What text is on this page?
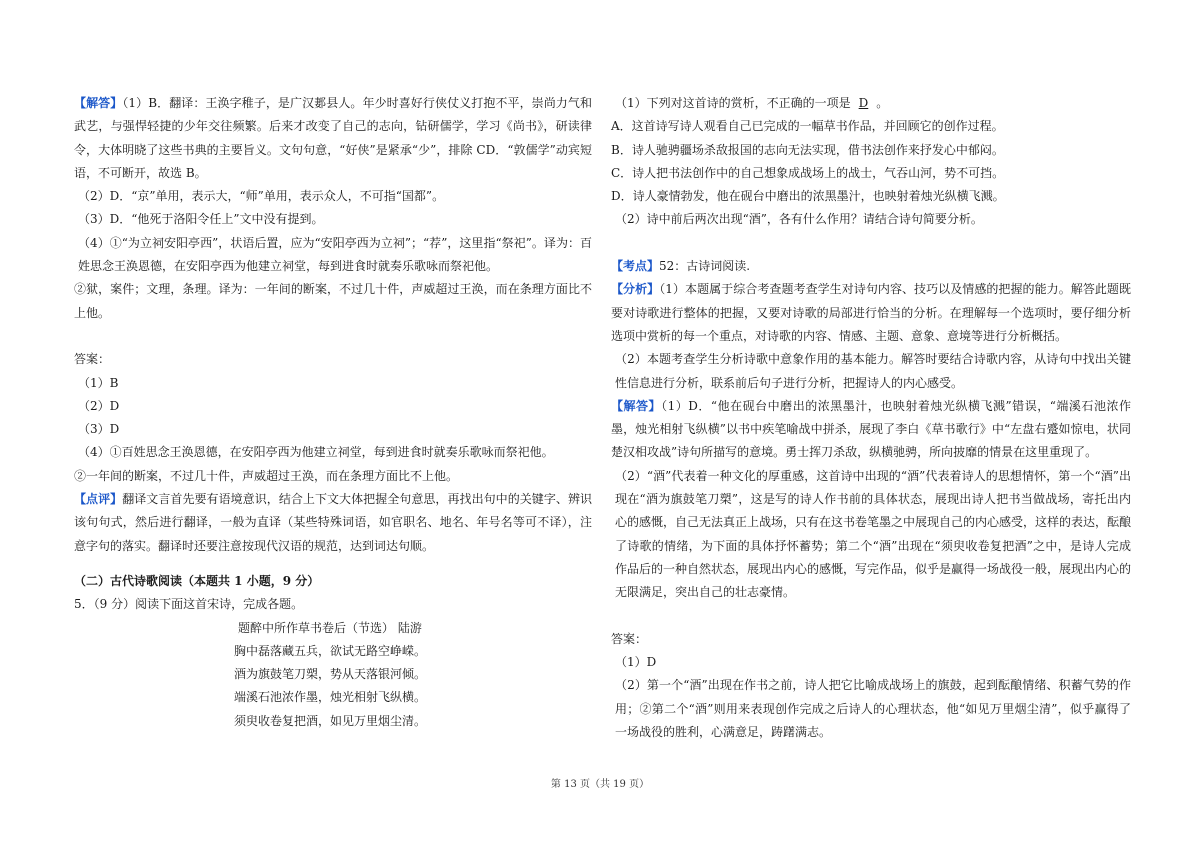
【解答】（1）B．翻译：王涣字稚子，是广汉郪县人。年少时喜好行侠仗义打抱不平，崇尚力气和武艺，与强悍轻捷的少年交往频繁。后来才改变了自己的志向，钻研儒学，学习《尚书》，研读律令，大体明晓了这些书典的主要旨义。文句句意，“好侠”是紧承“少”，排除 CD．“敦儒学”动宾短语，不可断开，故选 B。

（2）D．“京”单用，表示大，“师”单用，表示众人，不可指“国都”。

（3）D．“他死于洛阳令任上”文中没有提到。

（4）①“为立祠安阳亭西”，状语后置，应为“安阳亭西为立祠”；“荐”，这里指“祭祀”。译为：百姓思念王涣恩德，在安阳亭西为他建立祠堂，每到进食时就奏乐歌咏而祭祀他。

②狱，案件；文理，条理。译为：一年间的断案，不过几十件，声威超过王涣，而在条理方面比不上他。

答案：

（1）B

（2）D

（3）D

（4）①百姓思念王涣恩德，在安阳亭西为他建立祠堂，每到进食时就奏乐歌咏而祭祀他。

②一年间的断案，不过几十件，声威超过王涣，而在条理方面比不上他。

【点评】翻译文言首先要有语境意识，结合上下文大体把握全句意思，再找出句中的关键字、辨识该句句式，然后进行翻译，一般为直译（某些特殊词语，如官职名、地名、年号名等可不译），注意字句的落实。翻译时还要注意按现代汉语的规范，达到词达句顺。

（二）古代诗歌阅读（本题共 1 小题，9 分）

5．（9 分）阅读下面这首宋诗，完成各题。

题醉中所作草书卷后（节选） 陆游

胸中磊落藏五兵，欲试无路空峥嵘。

酒为旗鼓笔刀槊，势从天落银河倾。

端溪石池浓作墨，烛光相射飞纵横。

须臾收卷复把酒，如见万里烟尘清。

（1）下列对这首诗的赏析，不正确的一项是 D 。

A．这首诗写诗人观看自己已完成的一幅草书作品，并回顾它的创作过程。

B．诗人驰骋疆场杀敌报国的志向无法实现，借书法创作来抒发心中郁闷。

C．诗人把书法创作中的自己想象成战场上的战士，气吞山河，势不可挡。

D．诗人豪情勃发，他在砚台中磨出的浓黑墨汁，也映射着烛光纵横飞溅。

（2）诗中前后两次出现“酒”，各有什么作用？请结合诗句简要分析。

【考点】52：古诗词阅读.

【分析】（1）本题属于综合考查题考查学生对诗句内容、技巧以及情感的把握的能力。解答此题既要对诗歌进行整体的把握，又要对诗歌的局部进行恰当的分析。在理解每一个选项时，要仔细分析选项中赏析的每一个重点，对诗歌的内容、情感、主题、意象、意境等进行分析概括。

（2）本题考查学生分析诗歌中意象作用的基本能力。解答时要结合诗歌内容，从诗句中找出关键性信息进行分析，联系前后句子进行分析，把握诗人的内心感受。

【解答】（1）D．“他在砚台中磨出的浓黑墨汁，也映射着烛光纵横飞溅”错误，“端溪石池浓作墨，烛光相射飞纵横”以书中疾笔喻战中拼杀，展现了李白《草书歌行》中“左盘右蹙如惊电，状同楚汉相攻战”诗句所描写的意境。勇士挥刀杀敌，纵横驰骋，所向披靡的情景在这里重现了。

（2）“酒”代表着一种文化的厚重感，这首诗中出现的“酒”代表着诗人的思想情怀，第一个“酒”出现在“酒为旗鼓笔刀槊”，这是写的诗人作书前的具体状态，展现出诗人把书当做战场，寄托出内心的感慨，自己无法真正上战场，只有在这书卷笔墨之中展现自己的内心感受，这样的表达，酝酿了诗歌的情绪，为下面的具体抒怀蓄势；第二个“酒”出现在“须臾收卷复把酒”之中，是诗人完成作品后的一种自然状态，展现出内心的感慨，写完作品，似乎是赢得一场战役一般，展现出内心的无限满足，突出自己的壮志豪情。

答案：

（1）D

（2）第一个“酒”出现在作书之前，诗人把它比喻成战场上的旗鼓，起到酝酿情绪、积蓄气势的作用；②第二个“酒”则用来表现创作完成之后诗人的心理状态，他“如见万里烟尘清”，似乎赢得了一场战役的胜利，心满意足，踌躇满志。

第 13 页（共 19 页）
